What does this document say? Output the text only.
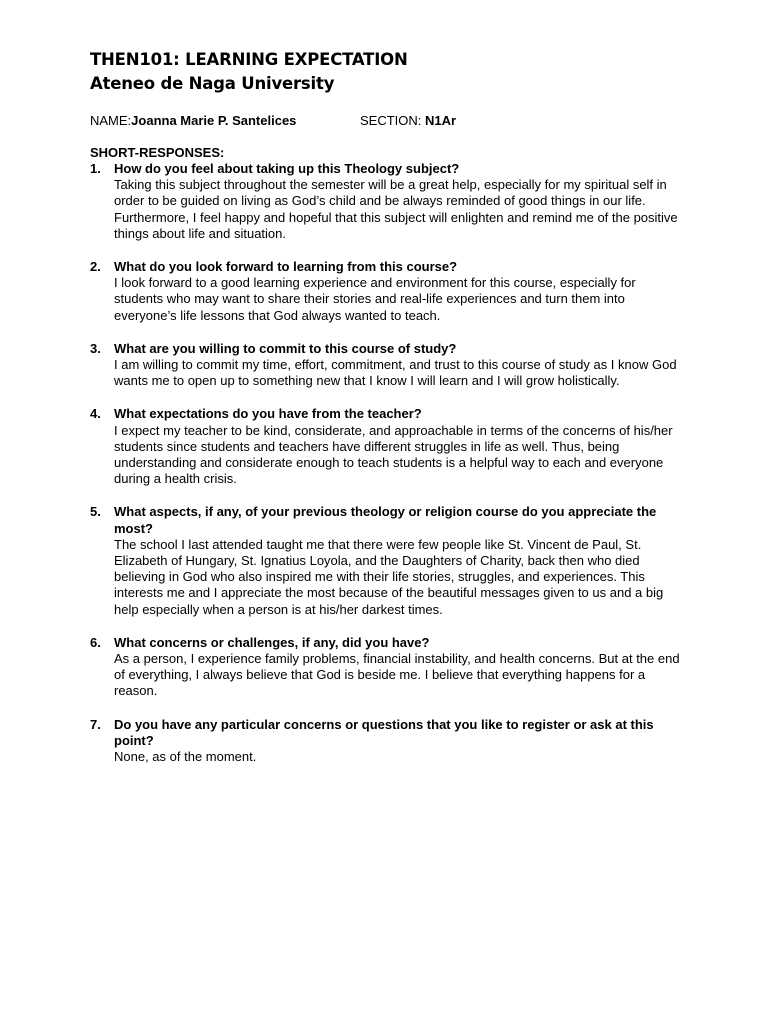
THEN101: LEARNING EXPECTATION
Ateneo de Naga University
NAME:Joanna Marie P. Santelices	SECTION: N1Ar
SHORT-RESPONSES:
1. How do you feel about taking up this Theology subject?
Taking this subject throughout the semester will be a great help, especially for my spiritual self in order to be guided on living as God’s child and be always reminded of good things in our life. Furthermore, I feel happy and hopeful that this subject will enlighten and remind me of the positive things about life and situation.
2. What do you look forward to learning from this course?
I look forward to a good learning experience and environment for this course, especially for students who may want to share their stories and real-life experiences and turn them into everyone’s life lessons that God always wanted to teach.
3. What are you willing to commit to this course of study?
I am willing to commit my time, effort, commitment, and trust to this course of study as I know God wants me to open up to something new that I know I will learn and I will grow holistically.
4. What expectations do you have from the teacher?
I expect my teacher to be kind, considerate, and approachable in terms of the concerns of his/her students since students and teachers have different struggles in life as well. Thus, being understanding and considerate enough to teach students is a helpful way to each and everyone during a health crisis.
5. What aspects, if any, of your previous theology or religion course do you appreciate the most?
The school I last attended taught me that there were few people like St. Vincent de Paul, St. Elizabeth of Hungary, St. Ignatius Loyola, and the Daughters of Charity, back then who died believing in God who also inspired me with their life stories, struggles, and experiences. This interests me and I appreciate the most because of the beautiful messages given to us and a big help especially when a person is at his/her darkest times.
6. What concerns or challenges, if any, did you have?
As a person, I experience family problems, financial instability, and health concerns. But at the end of everything, I always believe that God is beside me. I believe that everything happens for a reason.
7. Do you have any particular concerns or questions that you like to register or ask at this point?
None, as of the moment.
